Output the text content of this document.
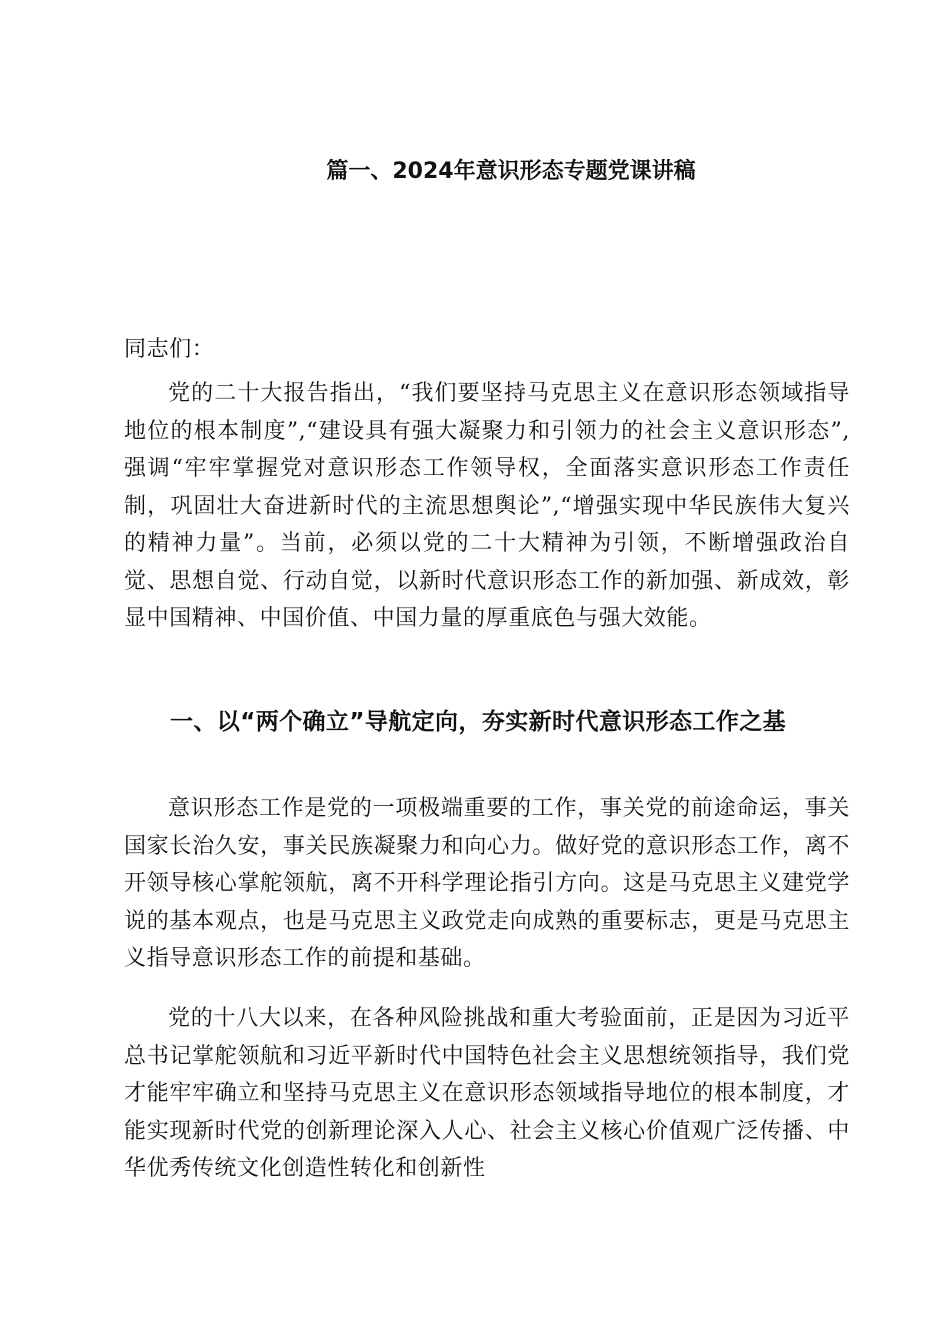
篇一、2024年意识形态专题党课讲稿

同志们：

党的二十大报告指出，“我们要坚持马克思主义在意识形态领域指导地位的根本制度”,“建设具有强大凝聚力和引领力的社会主义意识形态”,强调“牢牢掌握党对意识形态工作领导权，全面落实意识形态工作责任制，巩固壮大奋进新时代的主流思想舆论”,“增强实现中华民族伟大复兴的精神力量”。当前，必须以党的二十大精神为引领，不断增强政治自觉、思想自觉、行动自觉，以新时代意识形态工作的新加强、新成效，彰显中国精神、中国价值、中国力量的厚重底色与强大效能。

一、以“两个确立”导航定向，夯实新时代意识形态工作之基

意识形态工作是党的一项极端重要的工作，事关党的前途命运，事关国家长治久安，事关民族凝聚力和向心力。做好党的意识形态工作，离不开领导核心掌舵领航，离不开科学理论指引方向。这是马克思主义建党学说的基本观点，也是马克思主义政党走向成熟的重要标志，更是马克思主义指导意识形态工作的前提和基础。

党的十八大以来，在各种风险挑战和重大考验面前，正是因为习近平总书记掌舵领航和习近平新时代中国特色社会主义思想统领指导，我们党才能牢牢确立和坚持马克思主义在意识形态领域指导地位的根本制度，才能实现新时代党的创新理论深入人心、社会主义核心价值观广泛传播、中华优秀传统文化创造性转化和创新性
